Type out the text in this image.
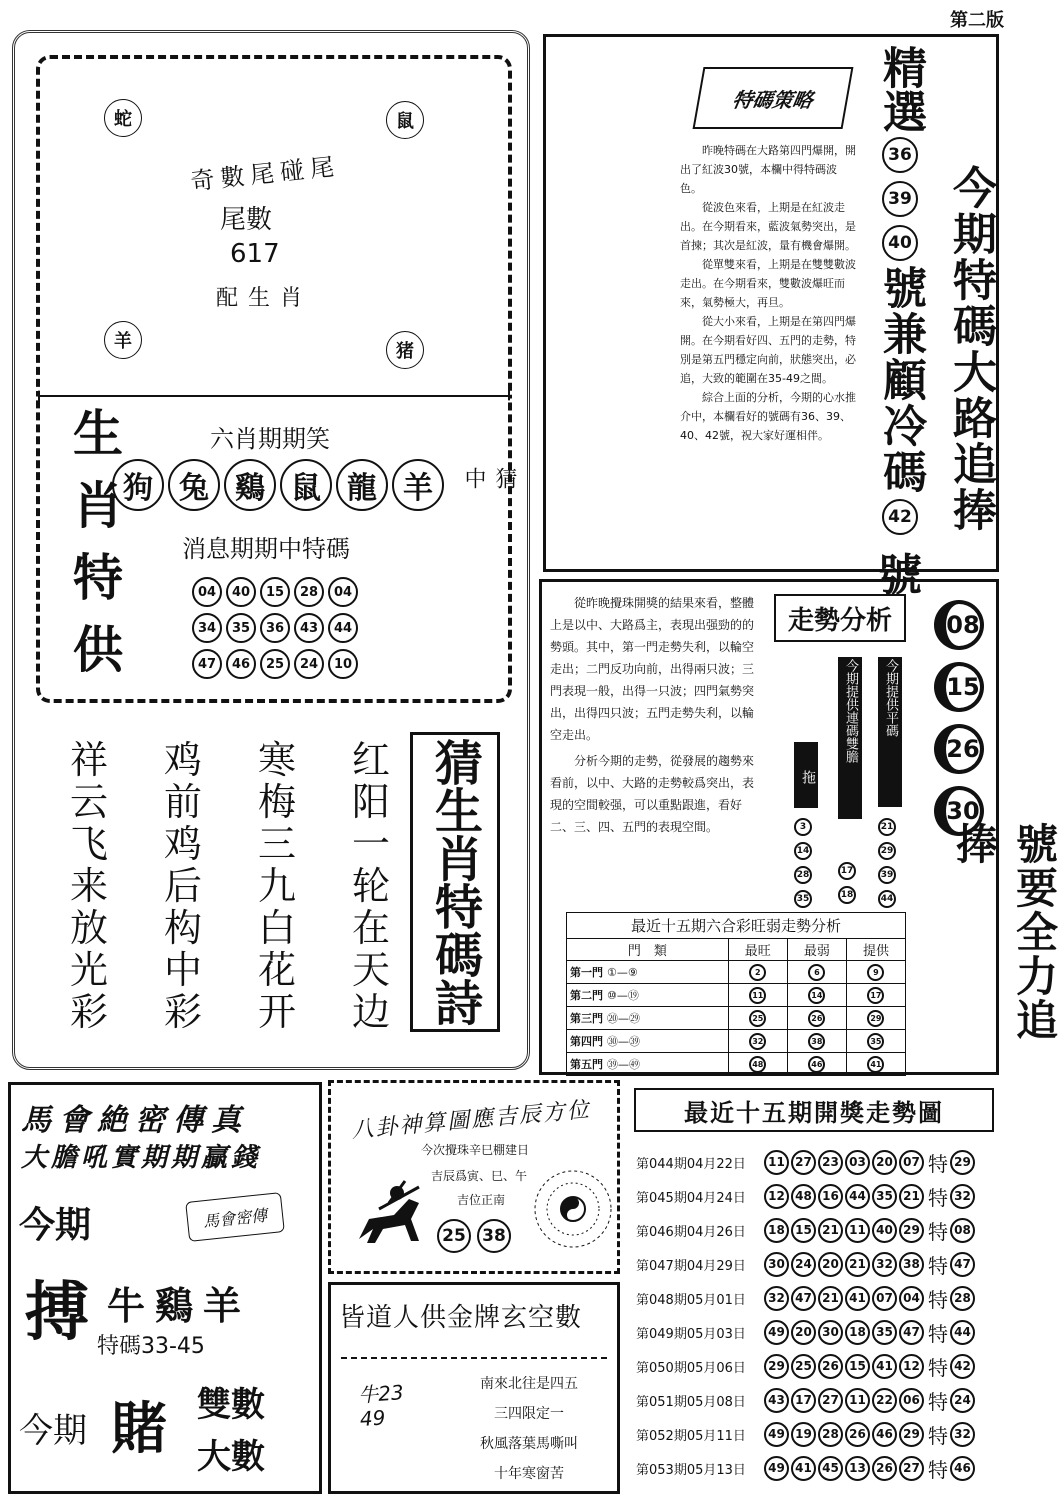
第二版
蛇	鼠
羊	猪
奇數尾碰尾
尾數
617
配生肖
生肖特供	六肖期期笑
狗 兔 鷄 鼠 龍 羊	猜中
消息期期中特碼
04	40	15	28	04
34	35	36	43	44
47	46	25	24	10
红
阳
一
轮
在
天
边
寒
梅
三
九
白
花
开
鸡
前
鸡
后
构
中
彩
祥
云
飞
来
放
光
彩	猜生肖特碼詩
特碼策略

昨晚特碼在大路第四門爆開，開出了紅波30號，本欄中得特碼波色。

從波色來看，上期是在紅波走出。在今期看來，藍波氣勢突出，是首揀；其次是紅波，量有機會爆開。

從單雙來看，上期是在雙雙數波走出。在今期看來，雙數波爆旺而來，氣勢極大，再旦。

從大小來看，上期是在第四門爆開。在今期看好四、五門的走勢，特別是第五門穩定向前，狀態突出，必追，大致的範圍在35-49之間。

綜合上面的分析，今期的心水推介中，本欄看好的號碼有36、39、40、42號，祝大家好運相伴。

精選
36
39
40
號兼顧冷碼
42
號
今期特碼大路追捧

從昨晚攪珠開獎的結果來看，整體上是以中、大路爲主，表現出强勁的的勢頭。其中，第一門走勢失利，以輪空走出；二門反功向前，出得兩只波；三門表現一般，出得一只波；四門氣勢突出，出得四只波；五門走勢失利，以輪空走出。

分析今期的走勢，從發展的趨勢來看前，以中、大路的走勢較爲突出，表現的空間較强，可以重點跟進，看好二、三、四、五門的表現空間。

走勢分析
拖
今期提供連碼雙膽	今期提供平碼
3
14
28
35
17
18
21
29
39
44
08
15
26
30
號要全力追捧
最近十五期六合彩旺弱走勢分析			
門　類	最旺	最弱	提供
第一門 ①—⑨	2	6	9
第二門 ⑩—⑲	11	14	17
第三門 ⑳—㉙	25	26	29
第四門 ㉚—㊴	32	38	35
第五門 ㊴—㊾	48	46	41
馬會絶密傳真
大膽吼實期期贏錢
今期	馬會密傳
搏 牛鷄羊
特碼33-45
今期 賭 雙數
大數
八卦神算圖應吉辰方位
今次攪珠辛巳棚建日
吉辰爲寅、巳、午
吉位正南
25 38
皆道人供金牌玄空數
牛23 49
南來北往是四五
三四限定一
秋風落葉馬嘶叫
十年寒窗苦
最近十五期開獎走勢圖
第044期04月22日	11 27 23 03 20 07 特 29
第045期04月24日	12 48 16 44 35 21 特 32
第046期04月26日	18 15 21 11 40 29 特 08
第047期04月29日	30 24 20 21 32 38 特 47
第048期05月01日	32 47 21 41 07 04 特 28
第049期05月03日	49 20 30 18 35 47 特 44
第050期05月06日	29 25 26 15 41 12 特 42
第051期05月08日	43 17 27 11 22 06 特 24
第052期05月11日	49 19 28 26 46 29 特 32
第053期05月13日	49 41 45 13 26 27 特 46
